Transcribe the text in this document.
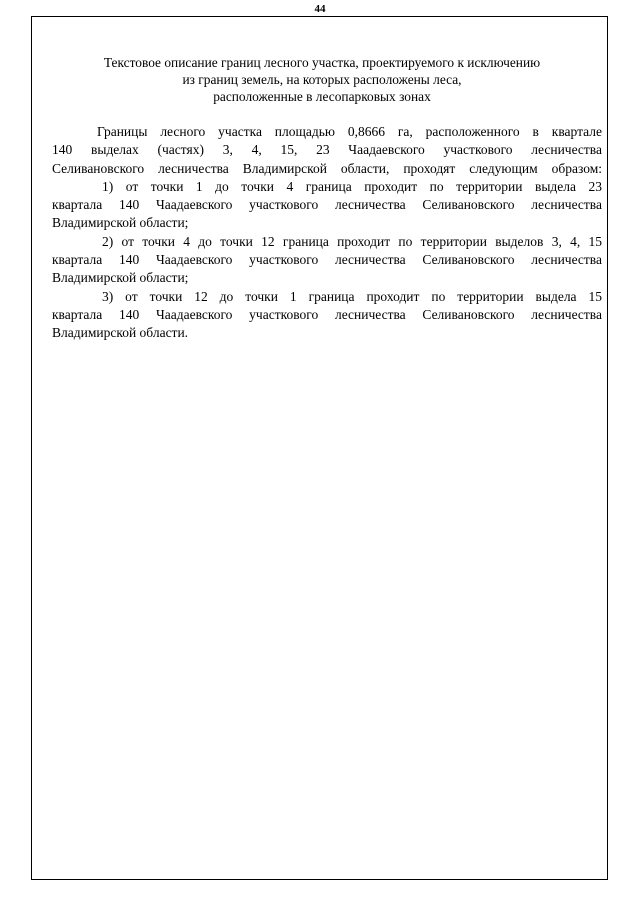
44
Текстовое описание границ лесного участка, проектируемого к исключению
из границ земель, на которых расположены леса,
расположенные в лесопарковых зонах
Границы лесного участка площадью 0,8666 га, расположенного в квартале
140 выделах (частях) 3, 4, 15, 23 Чаадаевского участкового лесничества
Селивановского лесничества Владимирской области, проходят следующим образом:
1) от точки 1 до точки 4 граница проходит по территории выдела 23
квартала 140 Чаадаевского участкового лесничества Селивановского лесничества
Владимирской области;
2) от точки 4 до точки 12 граница проходит по территории выделов 3, 4, 15
квартала 140 Чаадаевского участкового лесничества Селивановского лесничества
Владимирской области;
3) от точки 12 до точки 1 граница проходит по территории выдела 15
квартала 140 Чаадаевского участкового лесничества Селивановского лесничества
Владимирской области.
